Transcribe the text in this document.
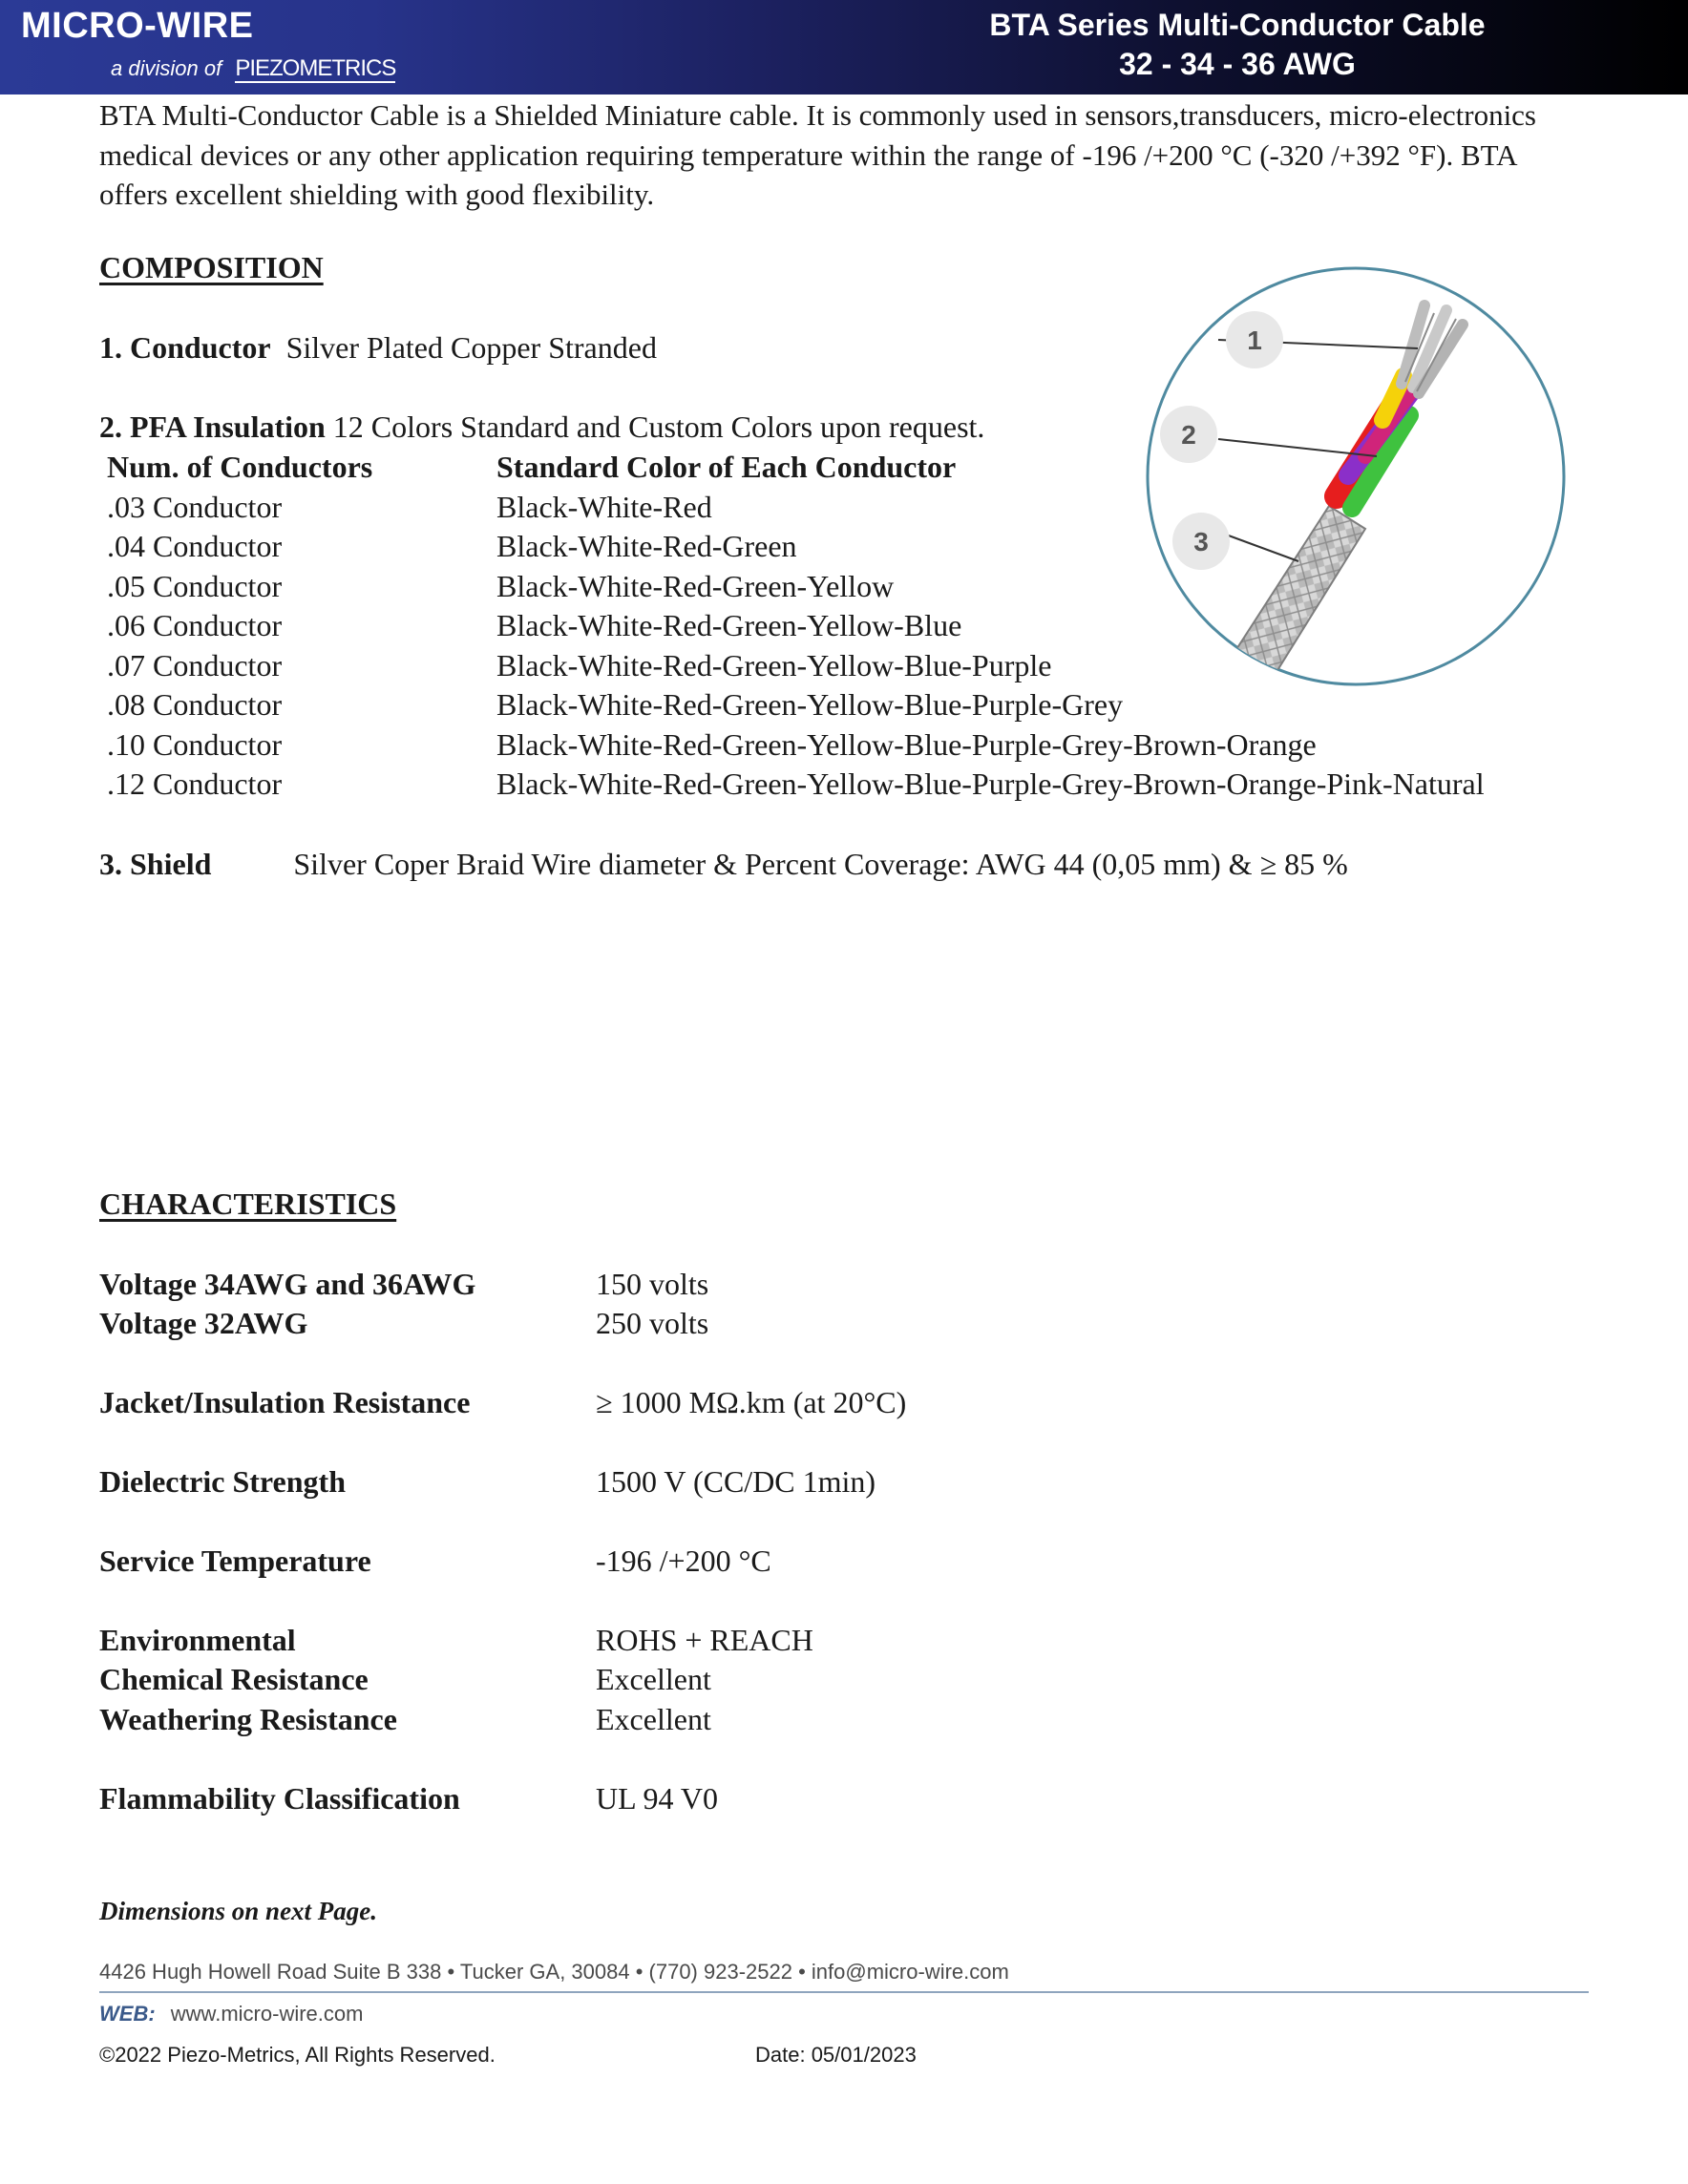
MICRO-WIRE
a division of PIEZOMETRICS
BTA Series Multi-Conductor Cable
32 - 34 - 36 AWG

BTA Multi-Conductor Cable is a Shielded Miniature cable. It is commonly used in sensors,transducers, micro-electronics medical devices or any other application requiring temperature within the range of -196 /+200 °C (-320 /+392 °F). BTA offers excellent shielding with good flexibility.

COMPOSITION

1. Conductor Silver Plated Copper Stranded

2. PFA Insulation 12 Colors Standard and Custom Colors upon request.

Num. of Conductors	Standard Color of Each Conductor
.03 Conductor	Black-White-Red
.04 Conductor	Black-White-Red-Green
.05 Conductor	Black-White-Red-Green-Yellow
.06 Conductor	Black-White-Red-Green-Yellow-Blue
.07 Conductor	Black-White-Red-Green-Yellow-Blue-Purple
.08 Conductor	Black-White-Red-Green-Yellow-Blue-Purple-Grey
.10 Conductor	Black-White-Red-Green-Yellow-Blue-Purple-Grey-Brown-Orange
.12 Conductor	Black-White-Red-Green-Yellow-Blue-Purple-Grey-Brown-Orange-Pink-Natural

3. Shield	Silver Coper Braid Wire diameter & Percent Coverage: AWG 44 (0,05 mm) & ≥ 85 %

1
2
3
CHARACTERISTICS
Voltage 34AWG and 36AWG	150 volts
Voltage 32AWG	250 volts
Jacket/Insulation Resistance	≥ 1000 MΩ.km (at 20°C)
Dielectric Strength	1500 V (CC/DC 1min)
Service Temperature	-196 /+200 °C
Environmental	ROHS + REACH
Chemical Resistance	Excellent
Weathering Resistance	Excellent
Flammability Classification	UL 94 V0
Dimensions on next Page.
4426 Hugh Howell Road Suite B 338 • Tucker GA, 30084 • (770) 923-2522 • info@micro-wire.com
WEB: www.micro-wire.com
©2022 Piezo-Metrics, All Rights Reserved.	Date: 05/01/2023
